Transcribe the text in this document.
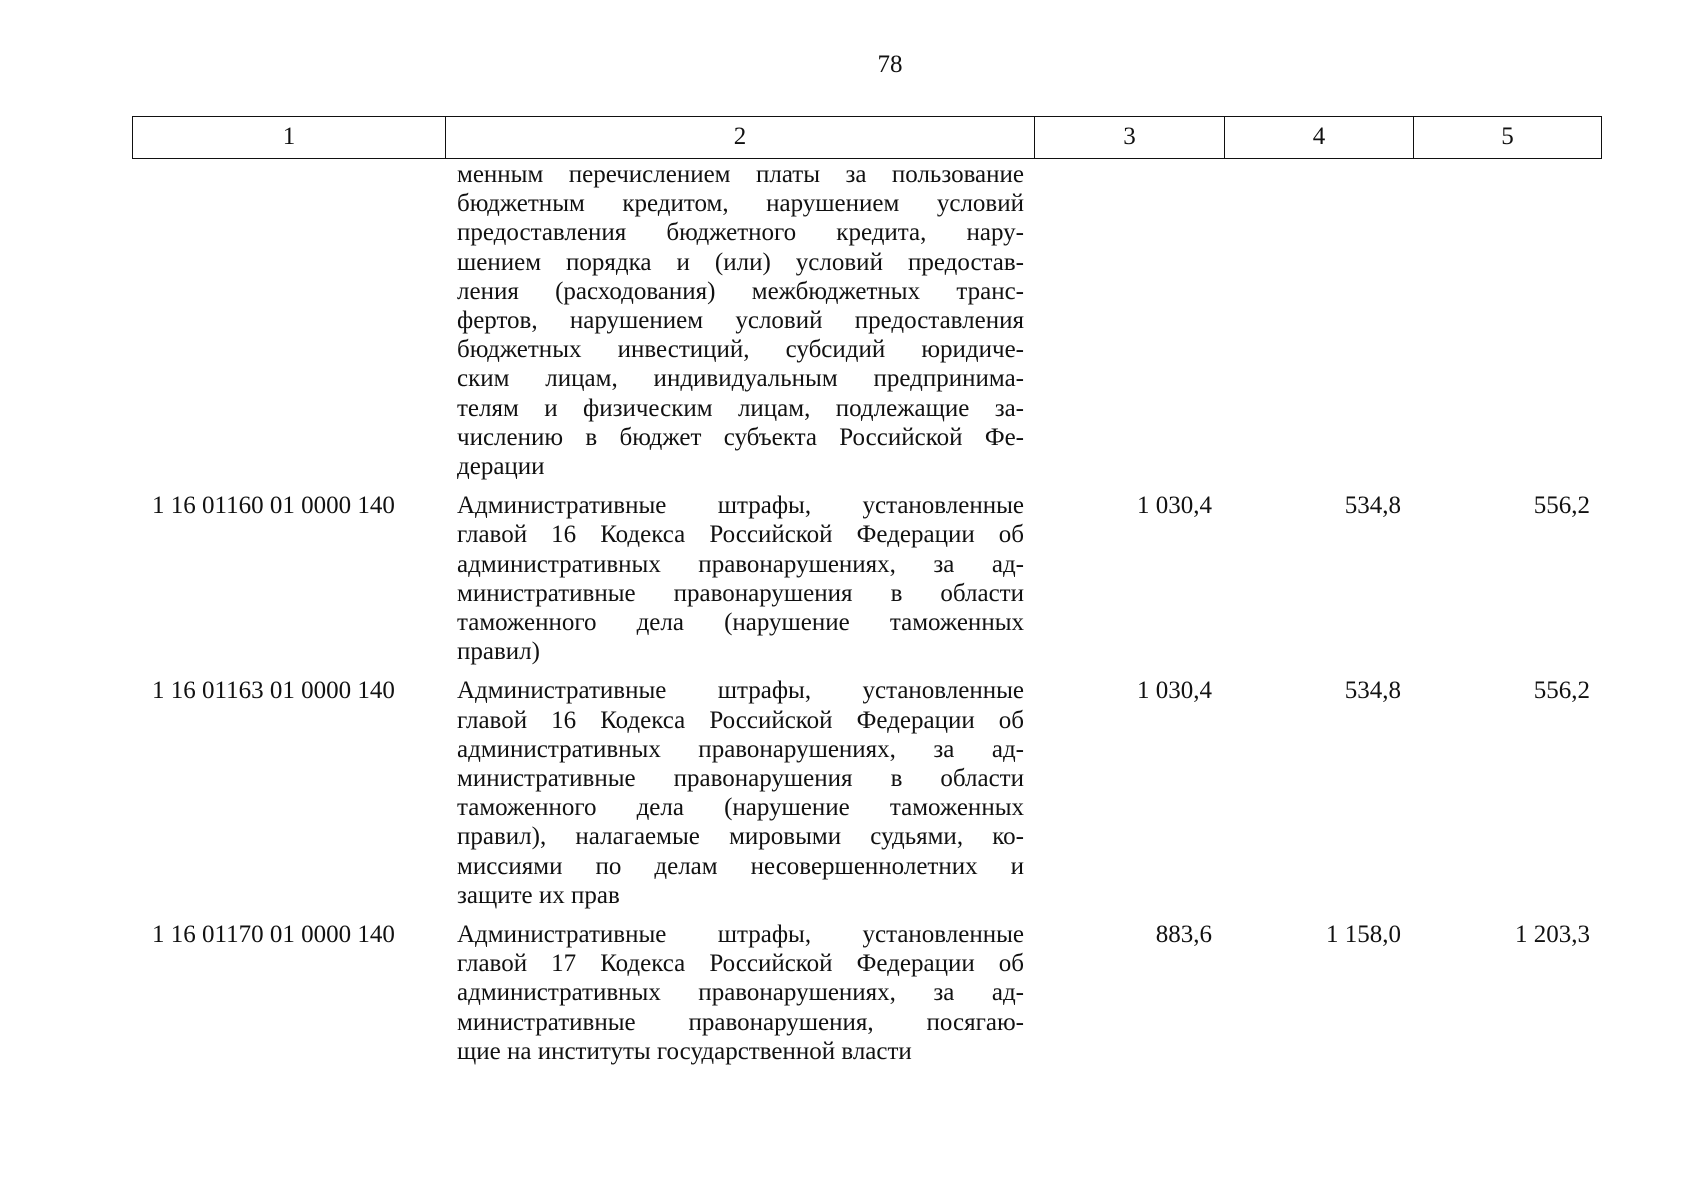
78
1	2	3	4	5
менным перечислением платы за пользование
бюджетным кредитом, нарушением условий
предоставления бюджетного кредита, нару-
шением порядка и (или) условий предостав-
ления (расходования) межбюджетных транс-
фертов, нарушением условий предоставления
бюджетных инвестиций, субсидий юридиче-
ским лицам, индивидуальным предпринима-
телям и физическим лицам, подлежащие за-
числению в бюджет субъекта Российской Фе-
дерации
1 16 01160 01 0000 140	Административные штрафы, установленные
главой 16 Кодекса Российской Федерации об
административных правонарушениях, за ад-
министративные правонарушения в области
таможенного дела (нарушение таможенных
правил)
1 030,4	534,8	556,2
1 16 01163 01 0000 140	Административные штрафы, установленные
главой 16 Кодекса Российской Федерации об
административных правонарушениях, за ад-
министративные правонарушения в области
таможенного дела (нарушение таможенных
правил), налагаемые мировыми судьями, ко-
миссиями по делам несовершеннолетних и
защите их прав
1 030,4	534,8	556,2
1 16 01170 01 0000 140	Административные штрафы, установленные
главой 17 Кодекса Российской Федерации об
административных правонарушениях, за ад-
министративные правонарушения, посягаю-
щие на институты государственной власти
883,6	1 158,0	1 203,3
